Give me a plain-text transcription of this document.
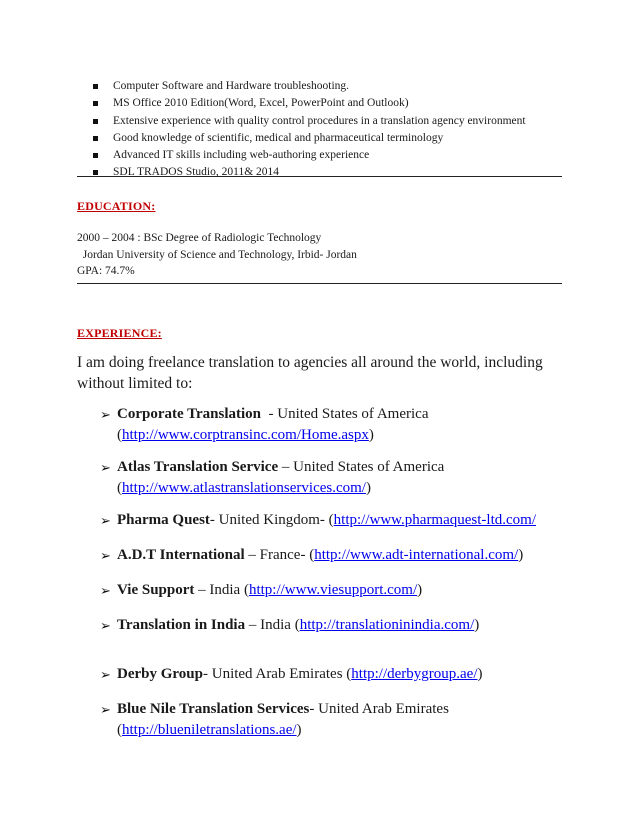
Computer Software and Hardware troubleshooting.
MS Office 2010 Edition(Word, Excel, PowerPoint and Outlook)
Extensive experience with quality control procedures in a translation agency environment
Good knowledge of scientific, medical and pharmaceutical terminology
Advanced IT skills including web-authoring experience
SDL TRADOS Studio, 2011& 2014
EDUCATION:
2000 – 2004 : BSc Degree of Radiologic Technology
Jordan University of Science and Technology, Irbid- Jordan
GPA: 74.7%
EXPERIENCE:
I am doing freelance translation to agencies all around the world, including without limited to:
➢ Corporate Translation  - United States of America
(http://www.corptransinc.com/Home.aspx)
➢ Atlas Translation Service – United States of America
(http://www.atlastranslationservices.com/)
➢ Pharma Quest- United Kingdom- (http://www.pharmaquest-ltd.com/
➢ A.D.T International – France- (http://www.adt-international.com/)
➢ Vie Support – India (http://www.viesupport.com/)
➢ Translation in India – India (http://translationinindia.com/)
➢ Derby Group- United Arab Emirates (http://derbygroup.ae/)
➢ Blue Nile Translation Services- United Arab Emirates
(http://blueniletranslations.ae/)
